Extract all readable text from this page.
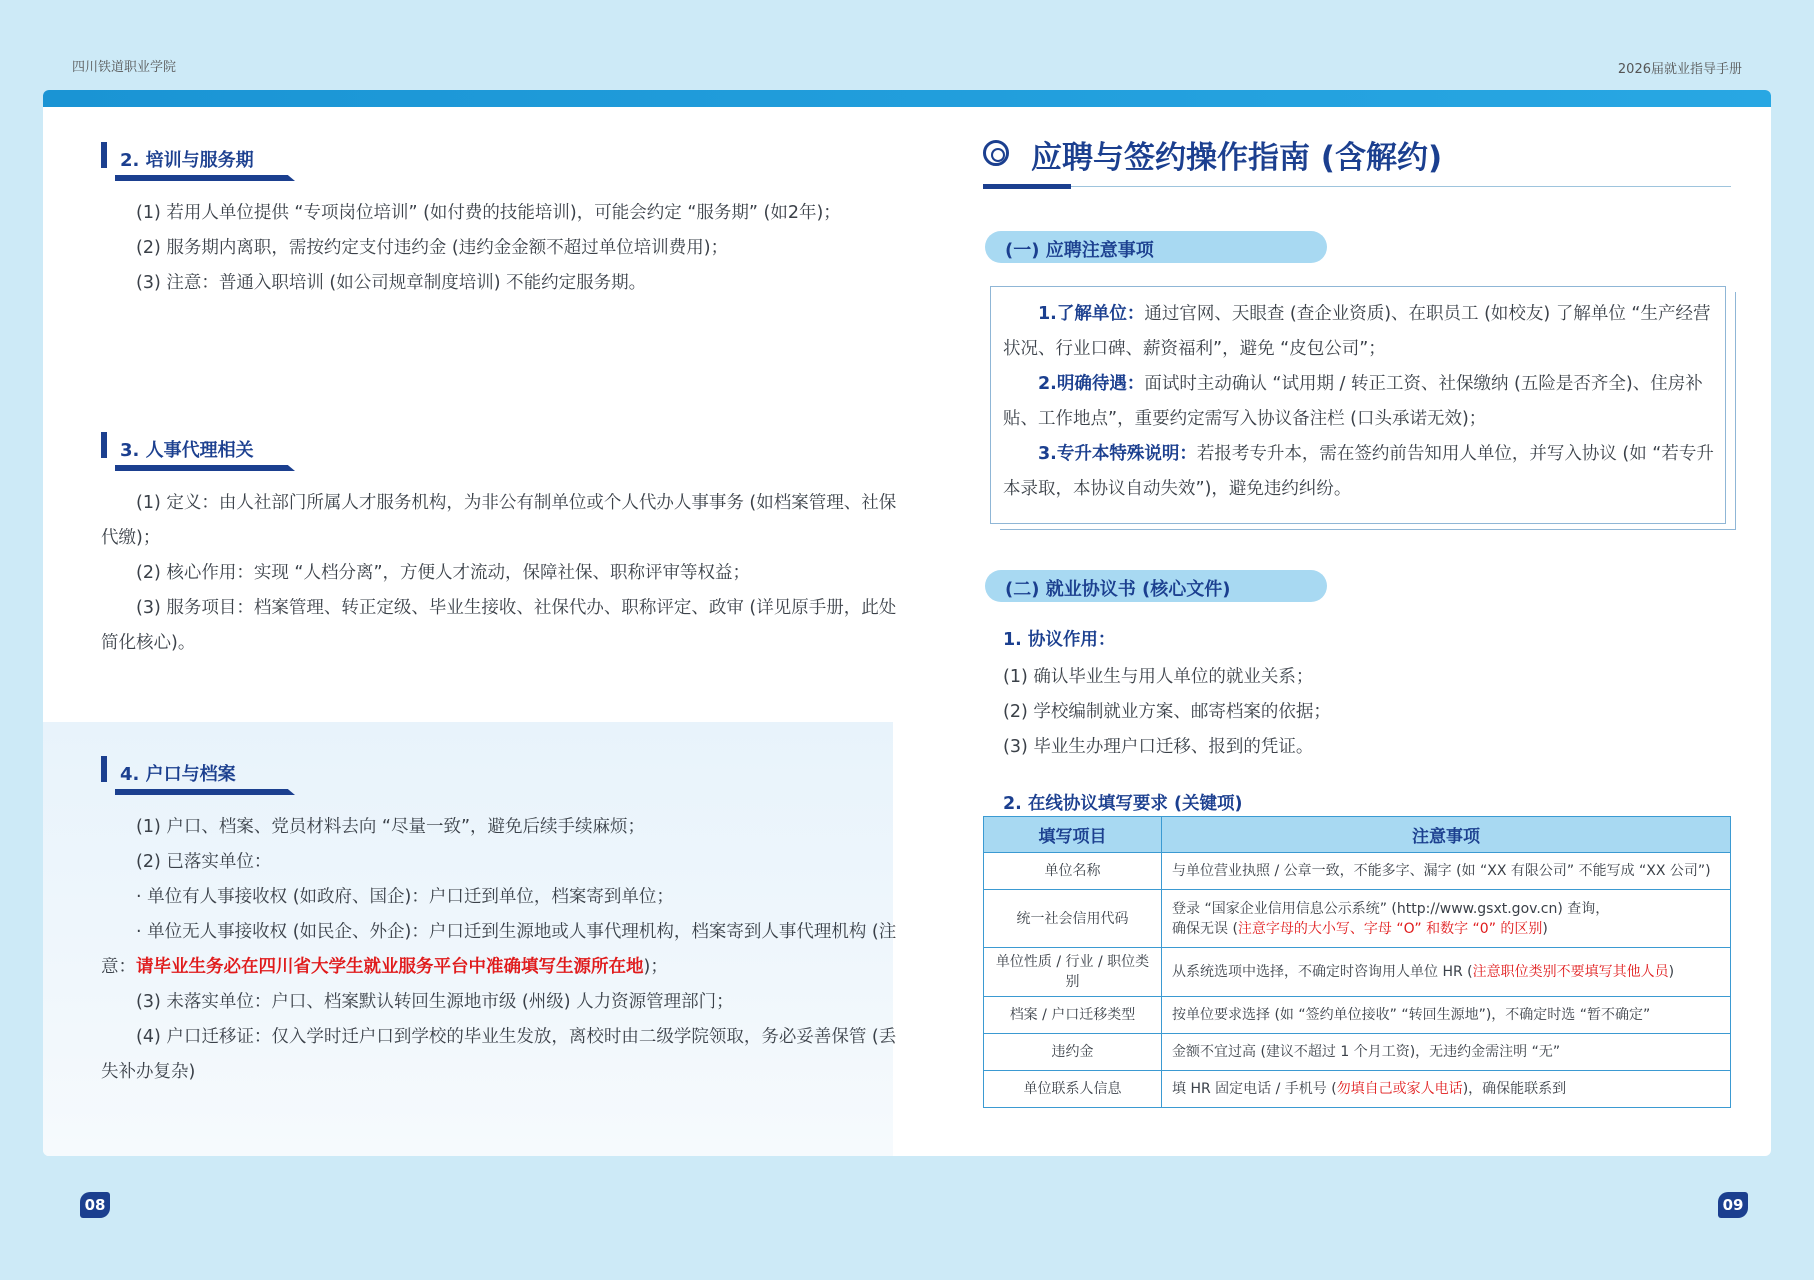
四川铁道职业学院	2026届就业指导手册
2. 培训与服务期

(1) 若用人单位提供 “专项岗位培训” (如付费的技能培训)，可能会约定 “服务期” (如2年)；

(2) 服务期内离职，需按约定支付违约金 (违约金金额不超过单位培训费用)；

(3) 注意：普通入职培训 (如公司规章制度培训) 不能约定服务期。

3. 人事代理相关

(1) 定义：由人社部门所属人才服务机构，为非公有制单位或个人代办人事事务 (如档案管理、社保代缴)；

(2) 核心作用：实现 “人档分离”，方便人才流动，保障社保、职称评审等权益；

(3) 服务项目：档案管理、转正定级、毕业生接收、社保代办、职称评定、政审 (详见原手册，此处简化核心)。

4. 户口与档案

(1) 户口、档案、党员材料去向 “尽量一致”，避免后续手续麻烦；

(2) 已落实单位：

· 单位有人事接收权 (如政府、国企)：户口迁到单位，档案寄到单位；

· 单位无人事接收权 (如民企、外企)：户口迁到生源地或人事代理机构，档案寄到人事代理机构 (注意：请毕业生务必在四川省大学生就业服务平台中准确填写生源所在地)；

(3) 未落实单位：户口、档案默认转回生源地市级 (州级) 人力资源管理部门；

(4) 户口迁移证：仅入学时迁户口到学校的毕业生发放，离校时由二级学院领取，务必妥善保管 (丢失补办复杂)

应聘与签约操作指南 (含解约)
(一) 应聘注意事项

1.了解单位：通过官网、天眼查 (查企业资质)、在职员工 (如校友) 了解单位 “生产经营状况、行业口碑、薪资福利”，避免 “皮包公司”；

2.明确待遇：面试时主动确认 “试用期 / 转正工资、社保缴纳 (五险是否齐全)、住房补贴、工作地点”，重要约定需写入协议备注栏 (口头承诺无效)；

3.专升本特殊说明：若报考专升本，需在签约前告知用人单位，并写入协议 (如 “若专升本录取，本协议自动失效”)，避免违约纠纷。

(二) 就业协议书 (核心文件)
1. 协议作用：
(1) 确认毕业生与用人单位的就业关系；
(2) 学校编制就业方案、邮寄档案的依据；
(3) 毕业生办理户口迁移、报到的凭证。
2. 在线协议填写要求 (关键项)
填写项目	注意事项
单位名称	与单位营业执照 / 公章一致，不能多字、漏字 (如 “XX 有限公司” 不能写成 “XX 公司”)
统一社会信用代码	登录 “国家企业信用信息公示系统” (http://www.gsxt.gov.cn) 查询，
确保无误 (注意字母的大小写、字母 “O” 和数字 “0” 的区别)
单位性质 / 行业 / 职位类别	从系统选项中选择，不确定时咨询用人单位 HR (注意职位类别不要填写其他人员)
档案 / 户口迁移类型	按单位要求选择 (如 “签约单位接收” “转回生源地”)，不确定时选 “暂不确定”
违约金	金额不宜过高 (建议不超过 1 个月工资)，无违约金需注明 “无”
单位联系人信息	填 HR 固定电话 / 手机号 (勿填自己或家人电话)，确保能联系到
08	09
